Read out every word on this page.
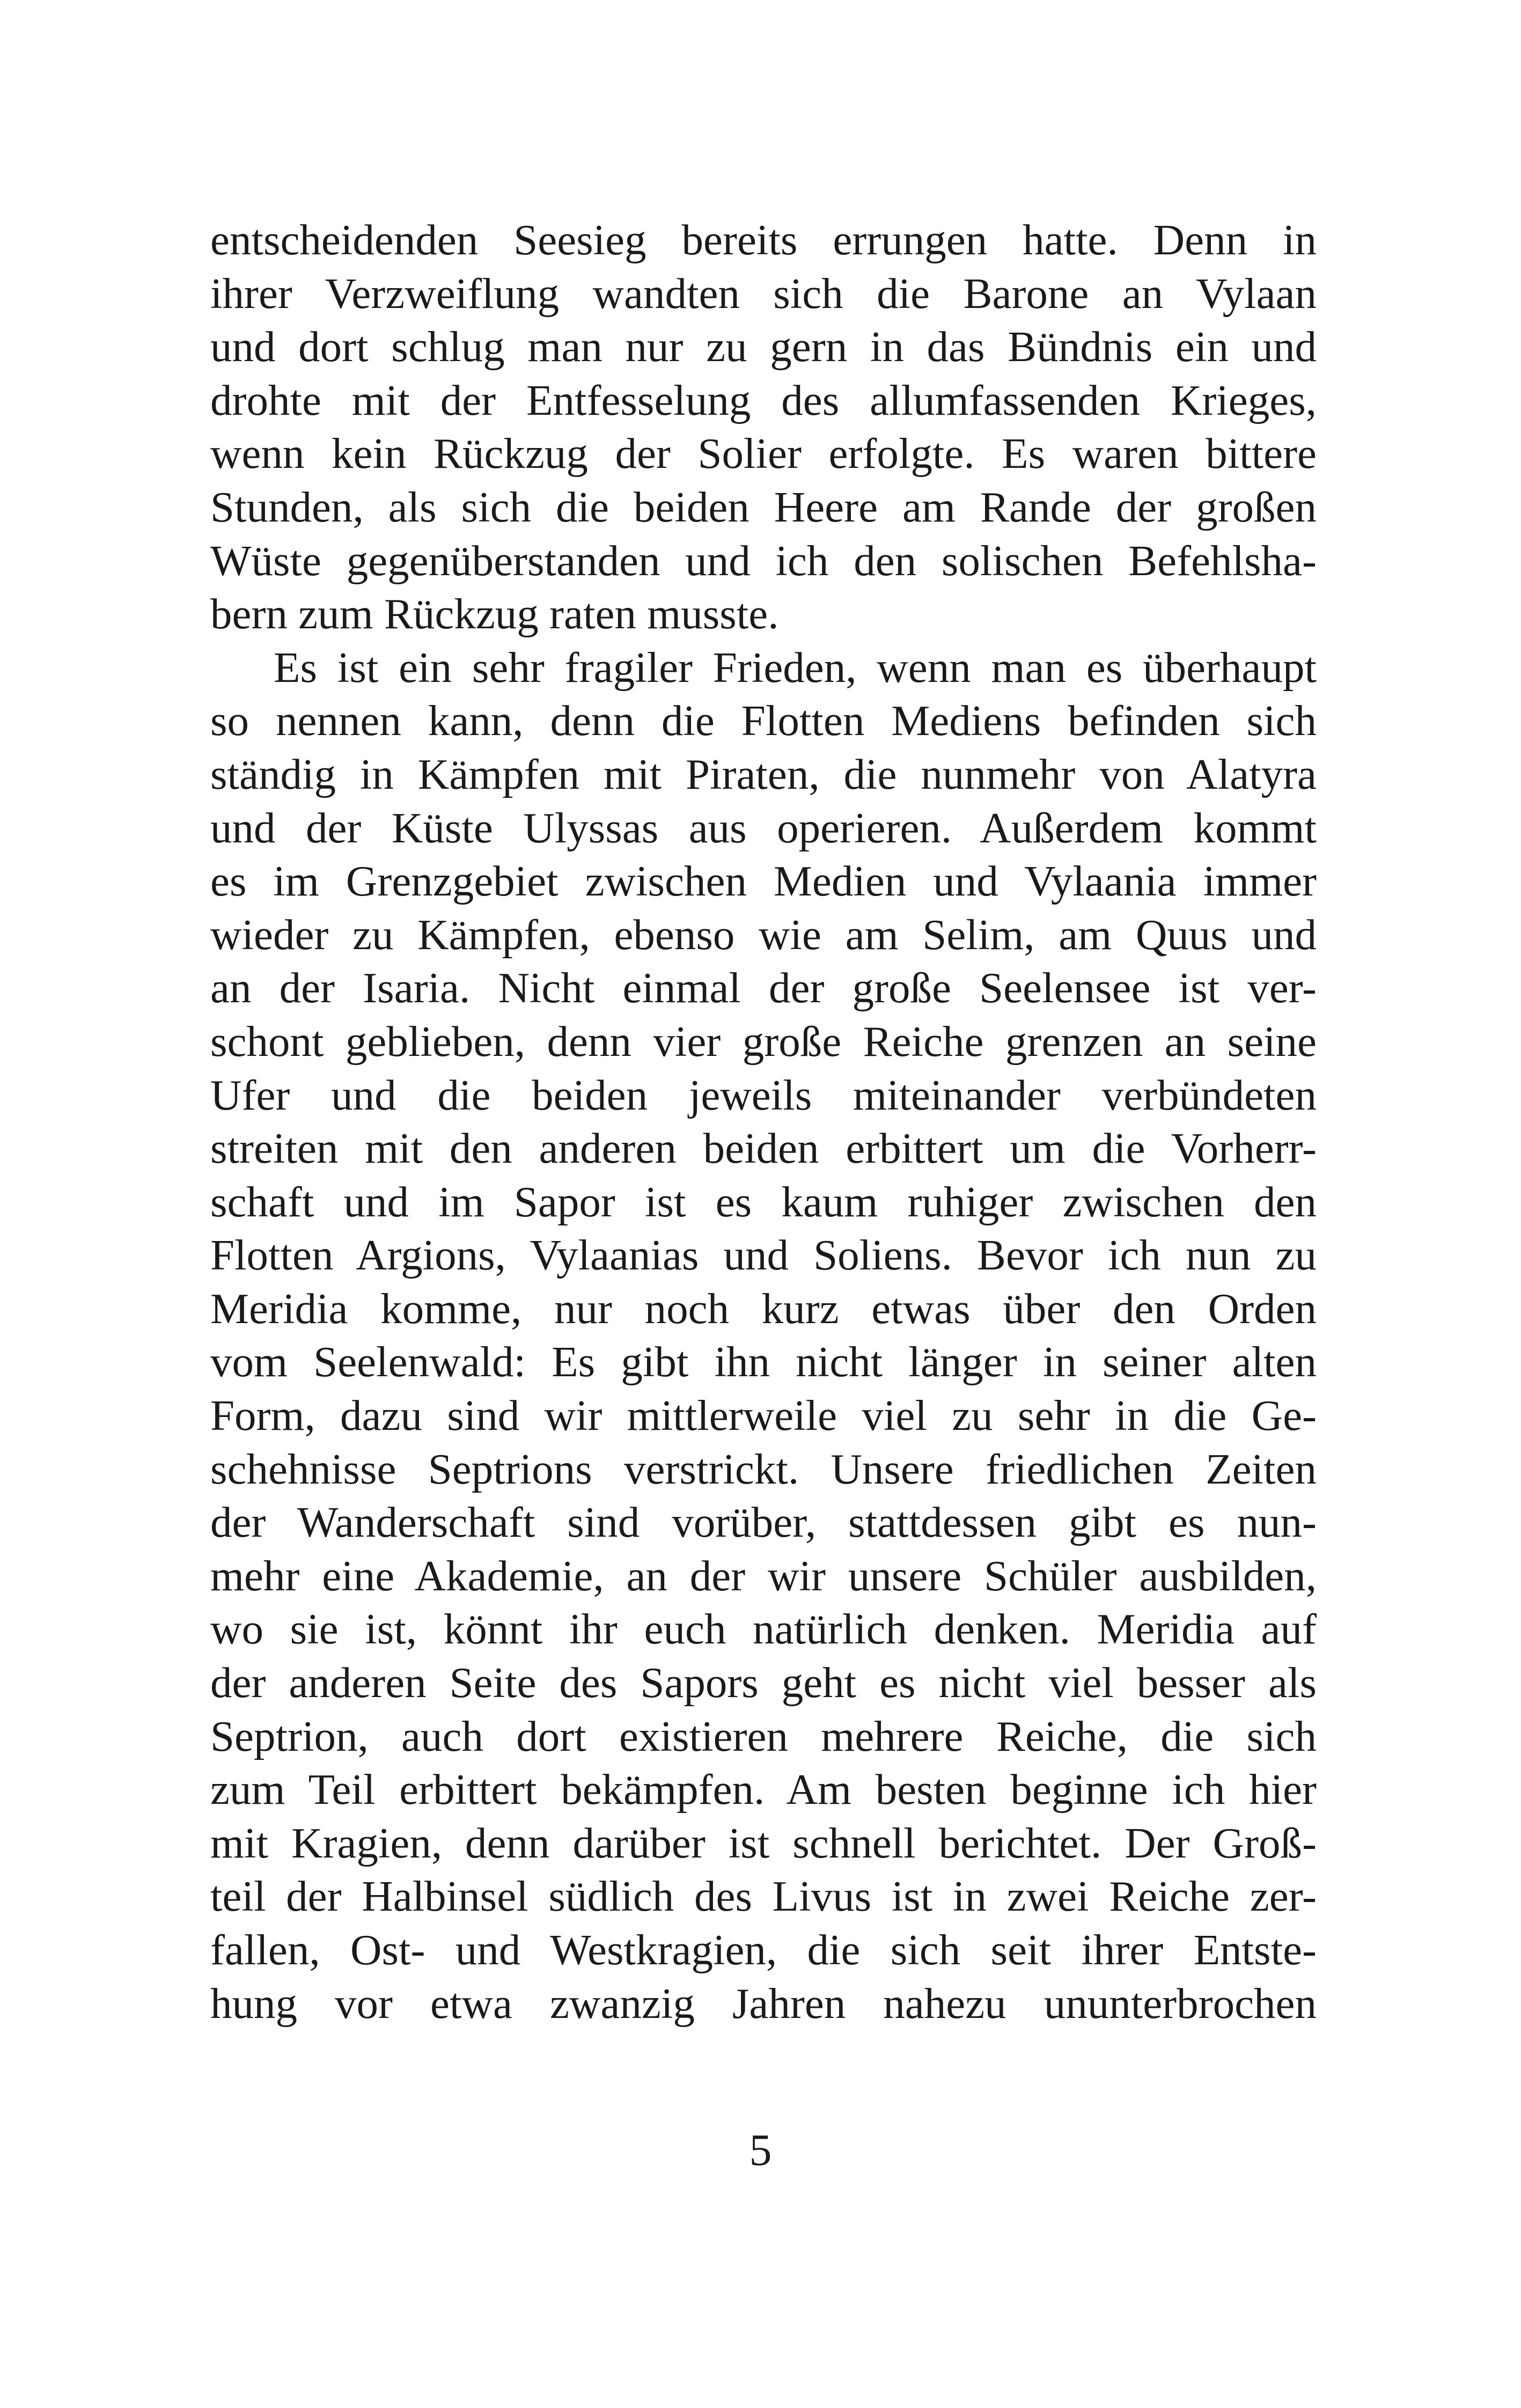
entscheidenden Seesieg bereits errungen hatte. Denn in
ihrer Verzweiflung wandten sich die Barone an Vylaan
und dort schlug man nur zu gern in das Bündnis ein und
drohte mit der Entfesselung des allumfassenden Krieges,
wenn kein Rückzug der Solier erfolgte. Es waren bittere
Stunden, als sich die beiden Heere am Rande der großen
Wüste gegenüberstanden und ich den solischen Befehlsha-
bern zum Rückzug raten musste.
Es ist ein sehr fragiler Frieden, wenn man es überhaupt
so nennen kann, denn die Flotten Mediens befinden sich
ständig in Kämpfen mit Piraten, die nunmehr von Alatyra
und der Küste Ulyssas aus operieren. Außerdem kommt
es im Grenzgebiet zwischen Medien und Vylaania immer
wieder zu Kämpfen, ebenso wie am Selim, am Quus und
an der Isaria. Nicht einmal der große Seelensee ist ver-
schont geblieben, denn vier große Reiche grenzen an seine
Ufer und die beiden jeweils miteinander verbündeten
streiten mit den anderen beiden erbittert um die Vorherr-
schaft und im Sapor ist es kaum ruhiger zwischen den
Flotten Argions, Vylaanias und Soliens. Bevor ich nun zu
Meridia komme, nur noch kurz etwas über den Orden
vom Seelenwald: Es gibt ihn nicht länger in seiner alten
Form, dazu sind wir mittlerweile viel zu sehr in die Ge-
schehnisse Septrions verstrickt. Unsere friedlichen Zeiten
der Wanderschaft sind vorüber, stattdessen gibt es nun-
mehr eine Akademie, an der wir unsere Schüler ausbilden,
wo sie ist, könnt ihr euch natürlich denken. Meridia auf
der anderen Seite des Sapors geht es nicht viel besser als
Septrion, auch dort existieren mehrere Reiche, die sich
zum Teil erbittert bekämpfen. Am besten beginne ich hier
mit Kragien, denn darüber ist schnell berichtet. Der Groß-
teil der Halbinsel südlich des Livus ist in zwei Reiche zer-
fallen, Ost- und Westkragien, die sich seit ihrer Entste-
hung vor etwa zwanzig Jahren nahezu ununterbrochen
5
